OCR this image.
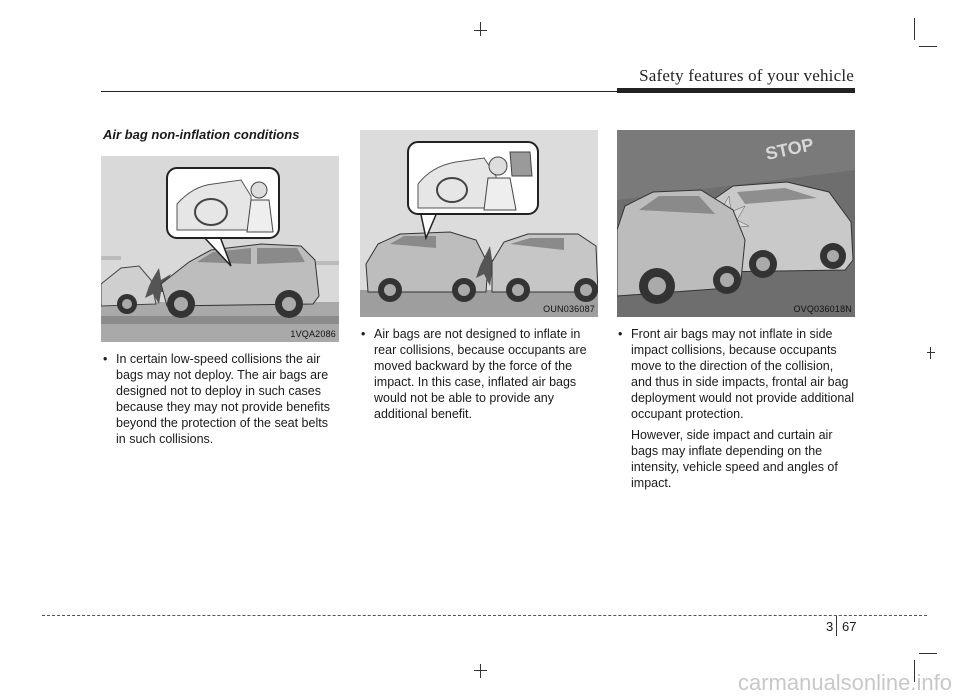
Safety features of your vehicle
Air bag non-inflation conditions
1VQA2086
OUN036087
STOP
OVQ036018N
• In certain low-speed collisions the air bags may not deploy. The air bags are designed not to deploy in such cases because they may not provide benefits beyond the protection of the seat belts in such collisions.
• Air bags are not designed to inflate in rear collisions, because occupants are moved backward by the force of the impact. In this case, inflated air bags would not be able to provide any additional benefit.
• Front air bags may not inflate in side impact collisions, because occupants move to the direction of the collision, and thus in side impacts, frontal air bag deployment would not provide additional occupant protection.
However, side impact and curtain air bags may inflate depending on the intensity, vehicle speed and angles of impact.
3 67
carmanualsonline.info
